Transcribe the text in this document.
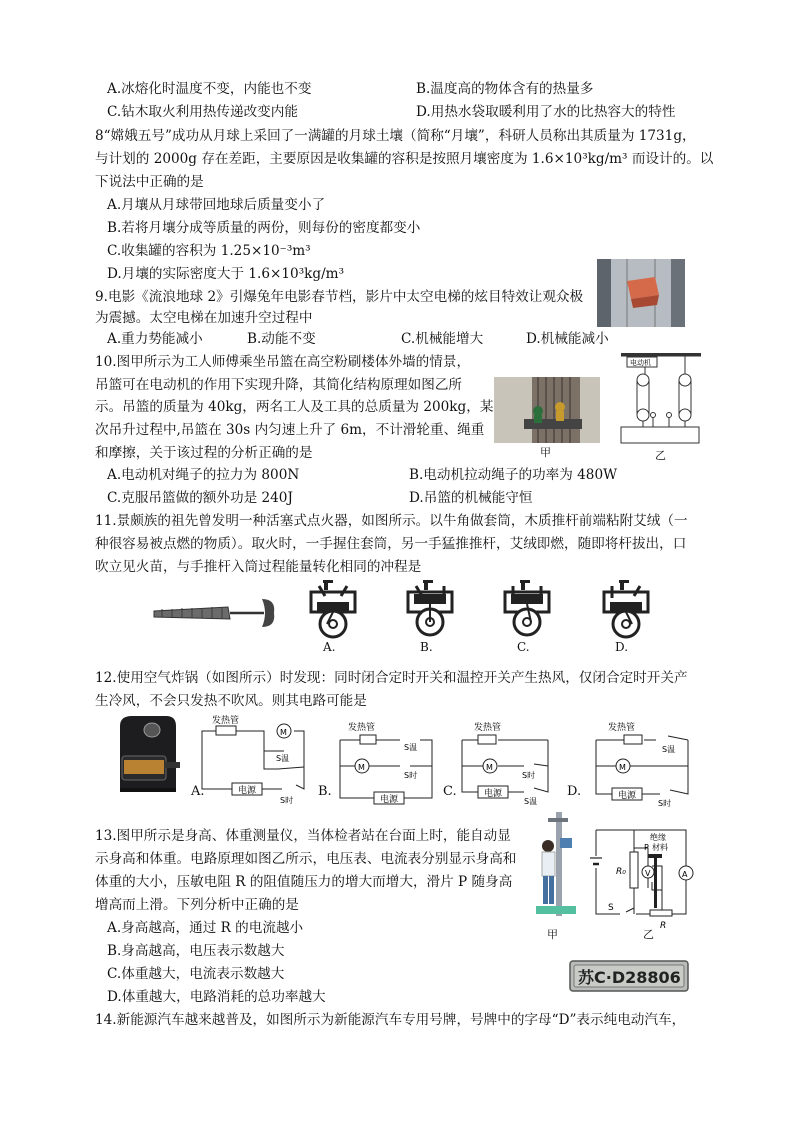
A.冰熔化时温度不变，内能也不变	B.温度高的物体含有的热量多
C.钻木取火利用热传递改变内能	D.用热水袋取暖利用了水的比热容大的特性
8“嫦娥五号”成功从月球上采回了一满罐的月球土壤（简称“月壤”，科研人员称出其质量为 1731g，
与计划的 2000g 存在差距，主要原因是收集罐的容积是按照月壤密度为 1.6×10³kg/m³ 而设计的。以
下说法中正确的是
A.月壤从月球带回地球后质量变小了
B.若将月壤分成等质量的两份，则每份的密度都变小
C.收集罐的容积为 1.25×10⁻³m³
D.月壤的实际密度大于 1.6×10³kg/m³
9.电影《流浪地球 2》引爆兔年电影春节档，影片中太空电梯的炫目特效让观众极
为震撼。太空电梯在加速升空过程中
A.重力势能减小	B.动能不变	C.机械能增大	D.机械能减小
10.图甲所示为工人师傅乘坐吊篮在高空粉刷楼体外墙的情景，
吊篮可在电动机的作用下实现升降，其简化结构原理如图乙所
示。吊篮的质量为 40kg，两名工人及工具的总质量为 200kg，某
次吊升过程中,吊篮在 30s 内匀速上升了 6m，不计滑轮重、绳重
和摩擦，关于该过程的分析正确的是	甲
电动机
乙
A.电动机对绳子的拉力为 800N	B.电动机拉动绳子的功率为 480W
C.克服吊篮做的额外功是 240J	D.吊篮的机械能守恒
11.景颇族的祖先曾发明一种活塞式点火器，如图所示。以牛角做套筒，木质推杆前端粘附艾绒（一
种很容易被点燃的物质）。取火时，一手握住套筒，另一手猛推推杆，艾绒即燃，随即将杆拔出，口
吹立见火苗，与手推杆入筒过程能量转化相同的冲程是
A.	B.	C.	D.
12.使用空气炸锅（如图所示）时发现：同时闭合定时开关和温控开关产生热风，仅闭合定时开关产
生冷风，不会只发热不吹风。则其电路可能是
发热管
M
S温
电源
S时
A.
发热管
M
S温
S时
电源
B.
发热管
M
S时
电源
S温
C.
发热管
S温
M
电源
S时
D.
13.图甲所示是身高、体重测量仪，当体检者站在台面上时，能自动显
示身高和体重。电路原理如图乙所示，电压表、电流表分别显示身高和
体重的大小，压敏电阻 R 的阻值随压力的增大而增大，滑片 P 随身高
增高而上滑。下列分析中正确的是
A.身高越高，通过 R 的电流越小
B.身高越高，电压表示数越大
C.体重越大，电流表示数越大
D.体重越大，电路消耗的总功率越大
甲
R₀
绝缘
P 材料
V	A
S
R
乙
苏C·D28806
14.新能源汽车越来越普及，如图所示为新能源汽车专用号牌，号牌中的字母“D”表示纯电动汽车，
